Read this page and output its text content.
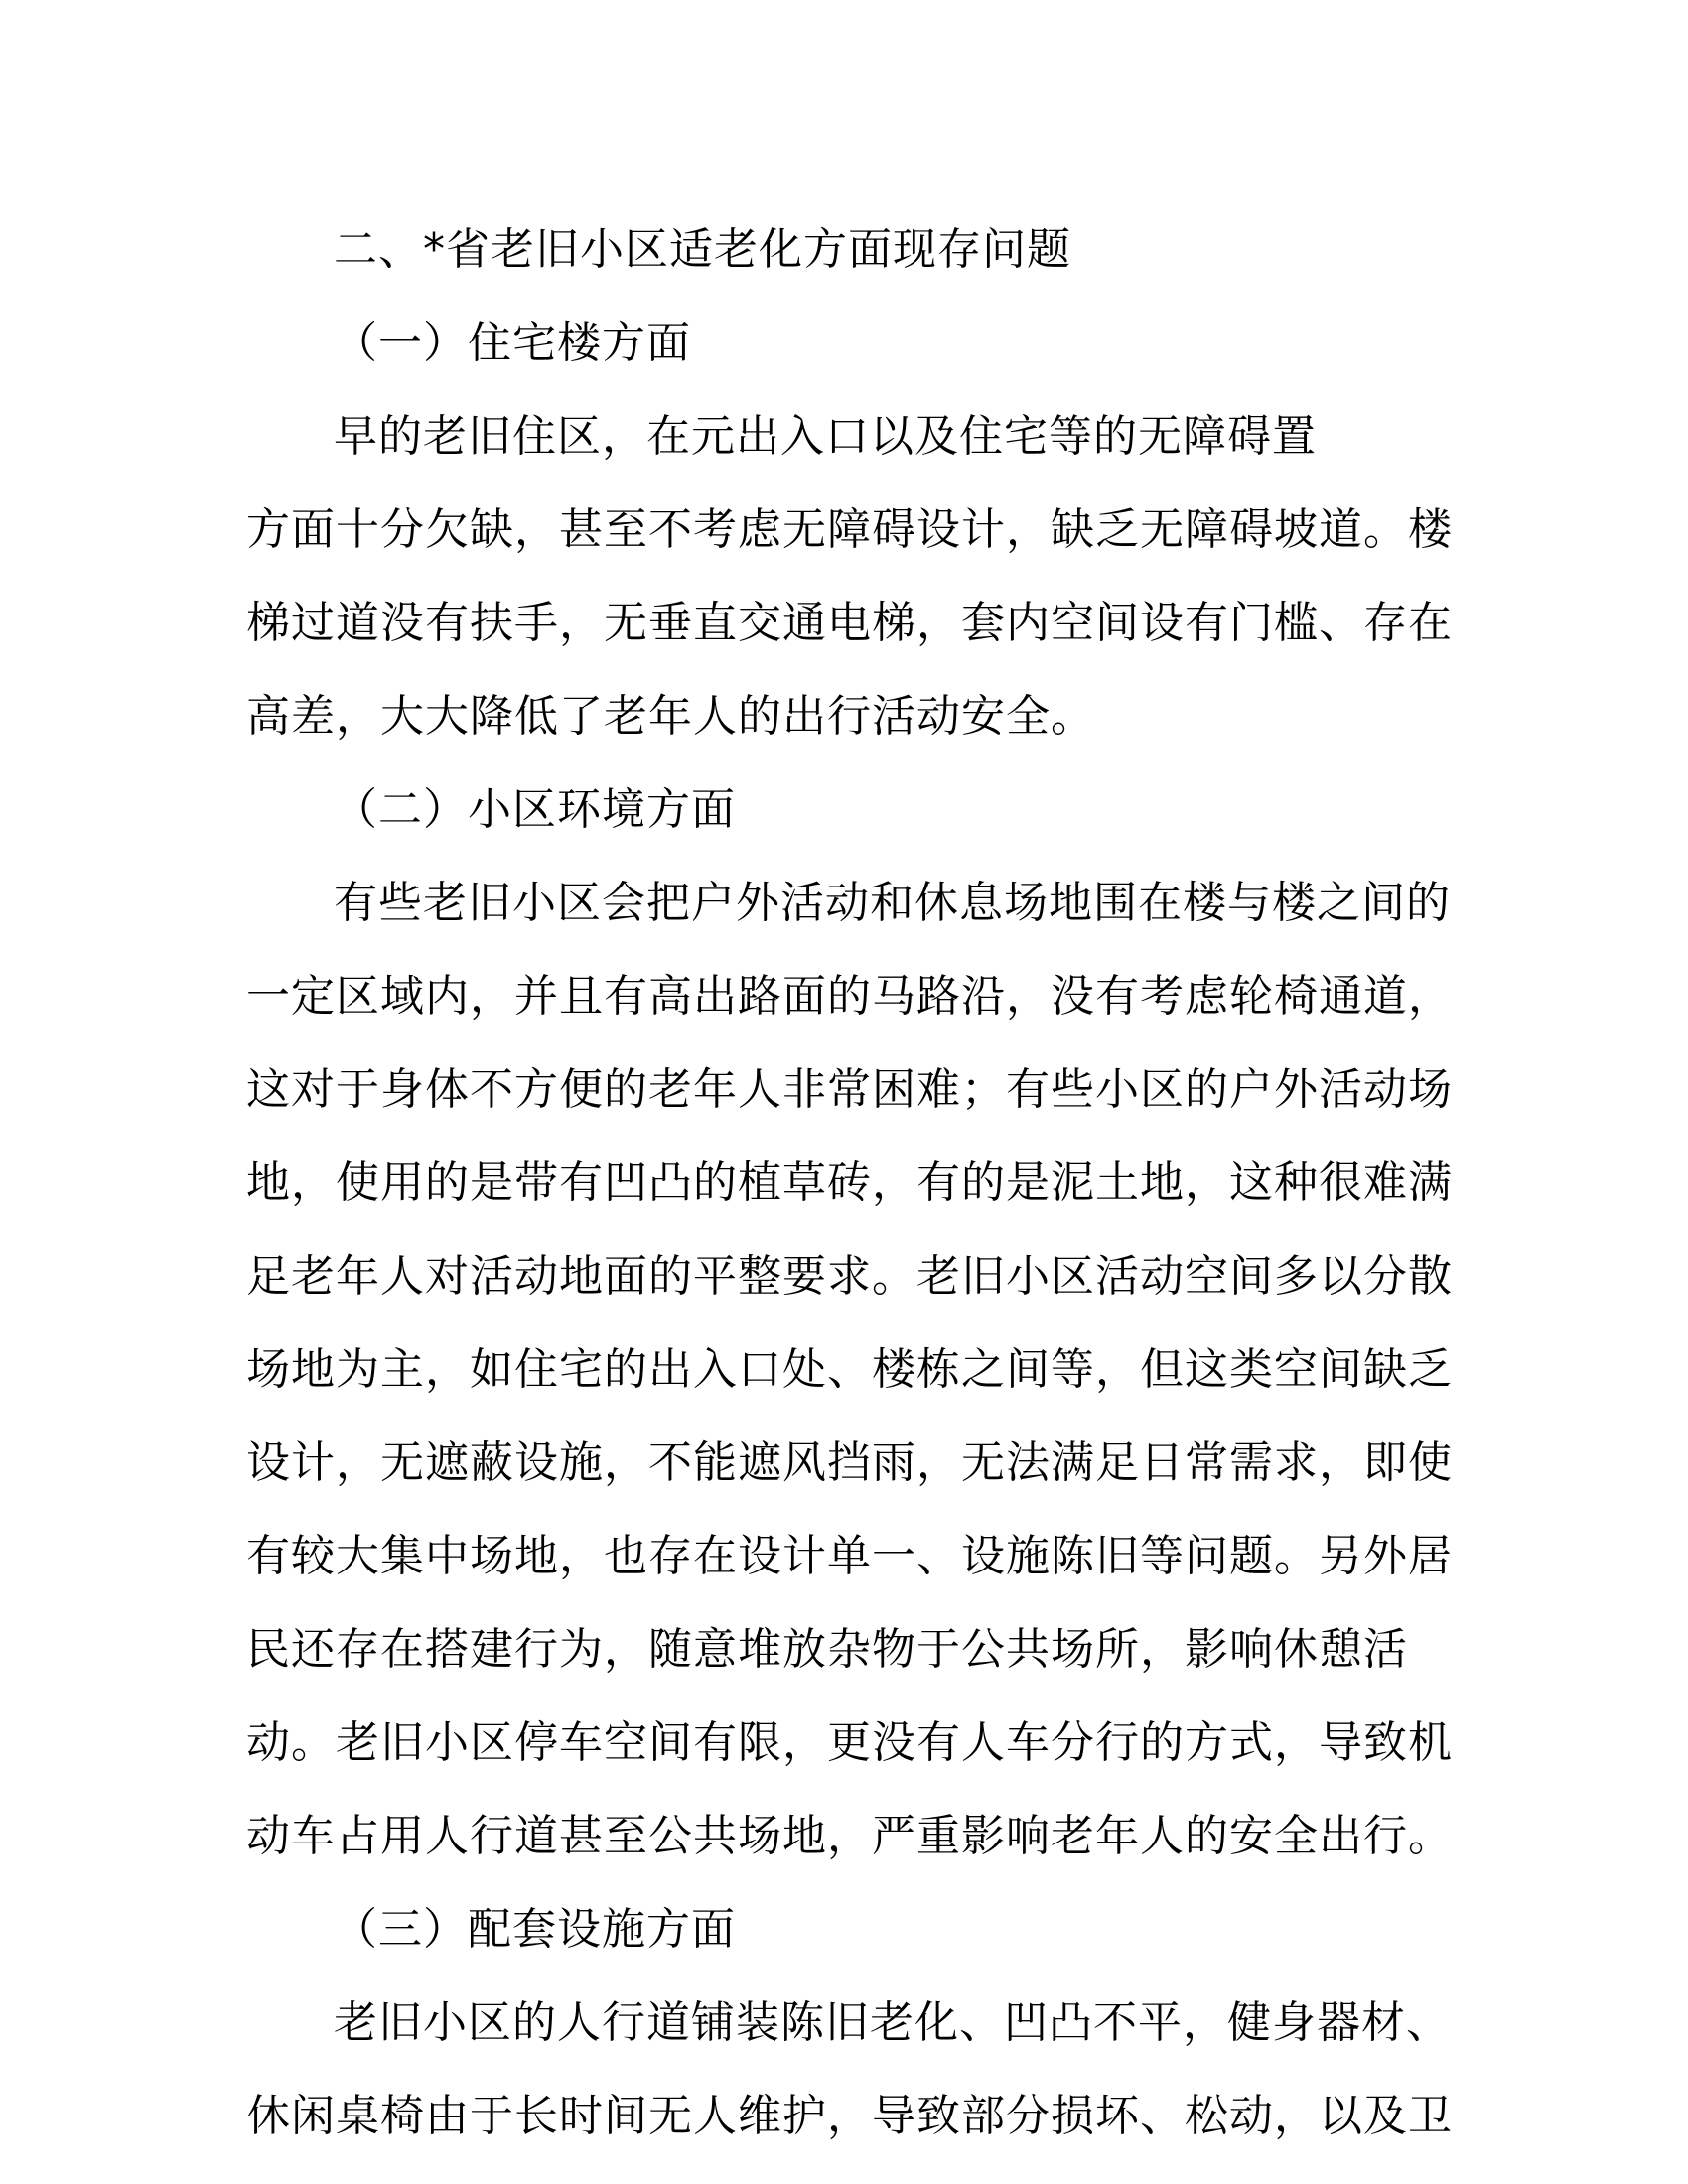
二、*省老旧小区适老化方面现存问题

（一）住宅楼方面

早的老旧住区，在元出入口以及住宅等的无障碍置
方面十分欠缺，甚至不考虑无障碍设计，缺乏无障碍坡道。楼
梯过道没有扶手，无垂直交通电梯，套内空间设有门槛、存在
高差，大大降低了老年人的出行活动安全。

（二）小区环境方面

有些老旧小区会把户外活动和休息场地围在楼与楼之间的
一定区域内，并且有高出路面的马路沿，没有考虑轮椅通道，
这对于身体不方便的老年人非常困难；有些小区的户外活动场
地，使用的是带有凹凸的植草砖，有的是泥土地，这种很难满
足老年人对活动地面的平整要求。老旧小区活动空间多以分散
场地为主，如住宅的出入口处、楼栋之间等，但这类空间缺乏
设计，无遮蔽设施，不能遮风挡雨，无法满足日常需求，即使
有较大集中场地，也存在设计单一、设施陈旧等问题。另外居
民还存在搭建行为，随意堆放杂物于公共场所，影响休憩活
动。老旧小区停车空间有限，更没有人车分行的方式，导致机
动车占用人行道甚至公共场地，严重影响老年人的安全出行。

（三）配套设施方面

老旧小区的人行道铺装陈旧老化、凹凸不平，健身器材、
休闲桌椅由于长时间无人维护，导致部分损坏、松动，以及卫
